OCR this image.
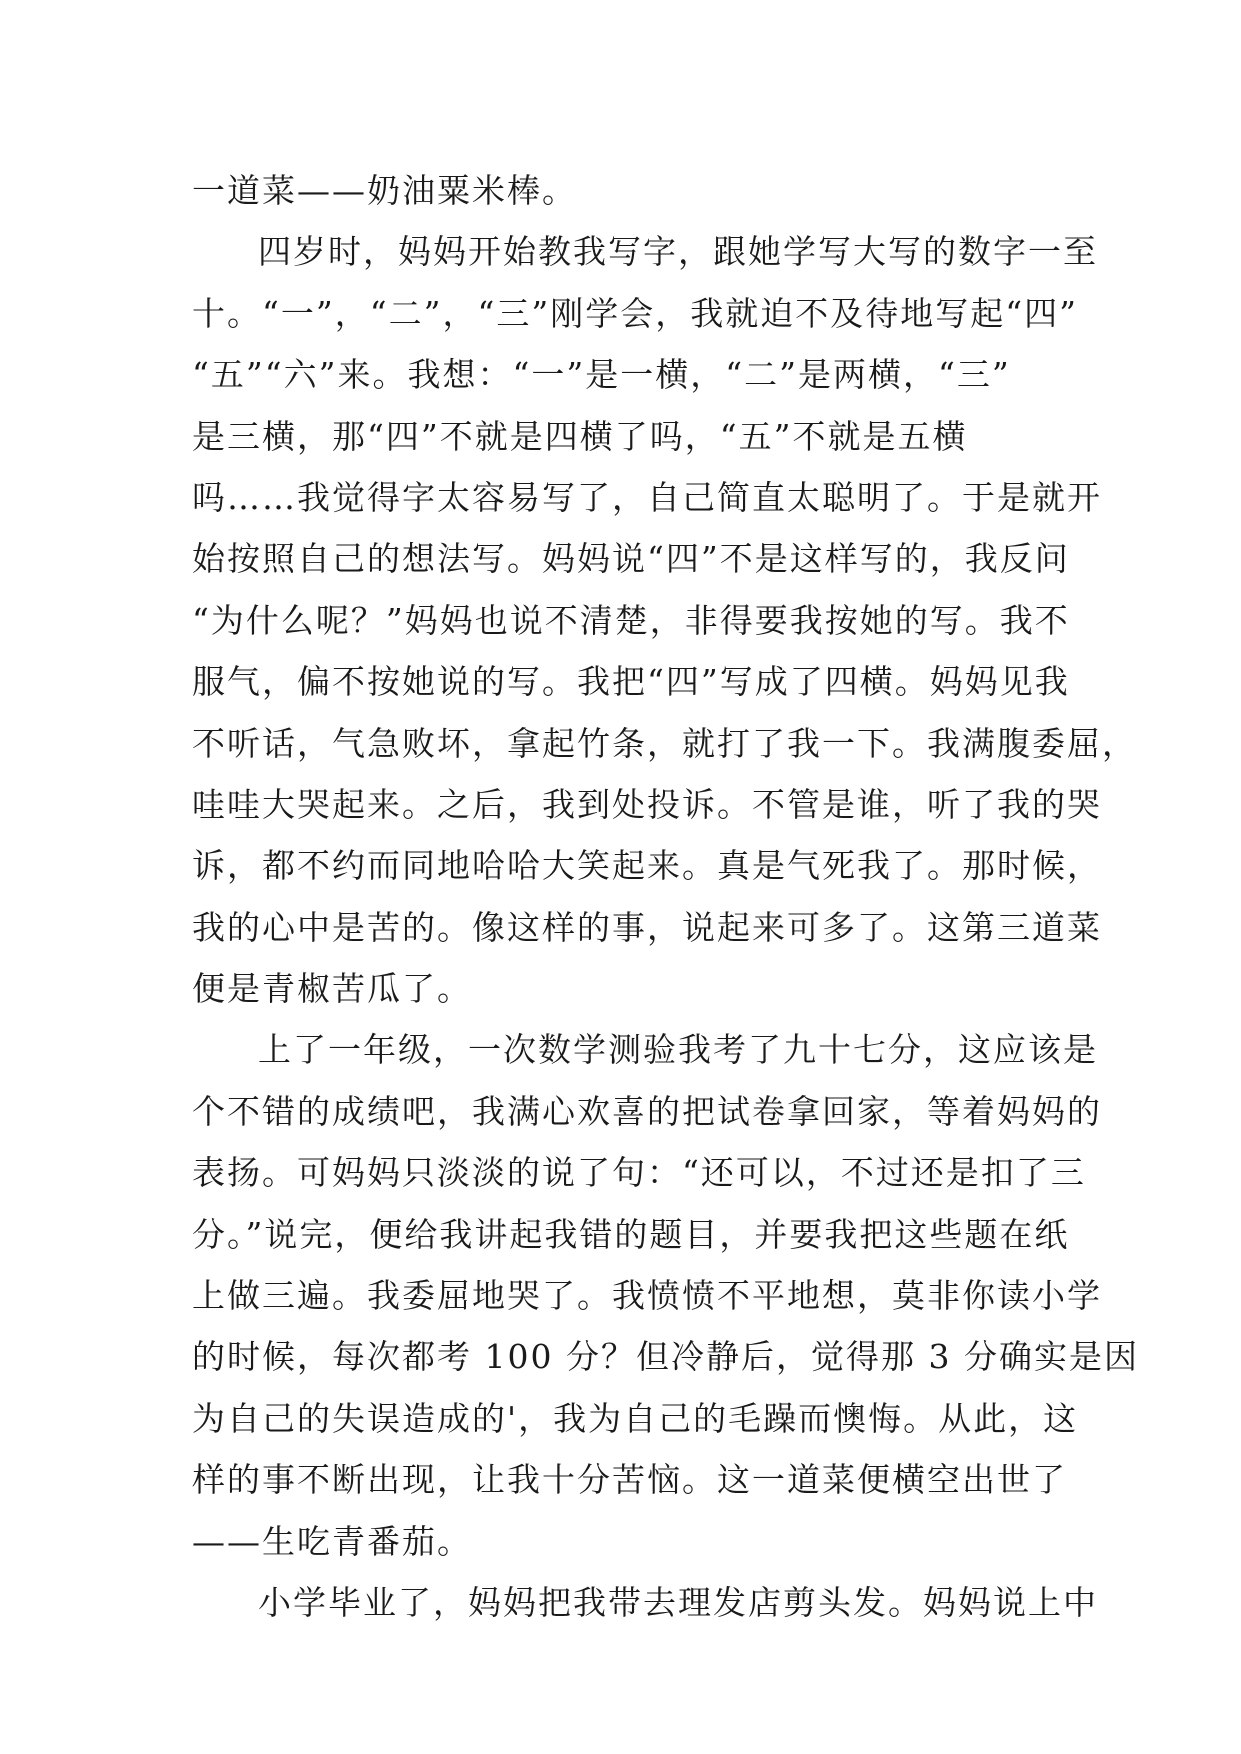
一道菜——奶油粟米棒。
四岁时，妈妈开始教我写字，跟她学写大写的数字一至
十。“一”，“二”，“三”刚学会，我就迫不及待地写起“四”
“五”“六”来。我想：“一”是一横，“二”是两横，“三”
是三横，那“四”不就是四横了吗，“五”不就是五横
吗……我觉得字太容易写了，自己简直太聪明了。于是就开
始按照自己的想法写。妈妈说“四”不是这样写的，我反问
“为什么呢？”妈妈也说不清楚，非得要我按她的写。我不
服气，偏不按她说的写。我把“四”写成了四横。妈妈见我
不听话，气急败坏，拿起竹条，就打了我一下。我满腹委屈，
哇哇大哭起来。之后，我到处投诉。不管是谁，听了我的哭
诉，都不约而同地哈哈大笑起来。真是气死我了。那时候，
我的心中是苦的。像这样的事，说起来可多了。这第三道菜
便是青椒苦瓜了。
上了一年级，一次数学测验我考了九十七分，这应该是
个不错的成绩吧，我满心欢喜的把试卷拿回家，等着妈妈的
表扬。可妈妈只淡淡的说了句：“还可以，不过还是扣了三
分。”说完，便给我讲起我错的题目，并要我把这些题在纸
上做三遍。我委屈地哭了。我愤愤不平地想，莫非你读小学
的时候，每次都考 100 分？但冷静后，觉得那 3 分确实是因
为自己的失误造成的'，我为自己的毛躁而懊悔。从此，这
样的事不断出现，让我十分苦恼。这一道菜便横空出世了
——生吃青番茄。
小学毕业了，妈妈把我带去理发店剪头发。妈妈说上中
